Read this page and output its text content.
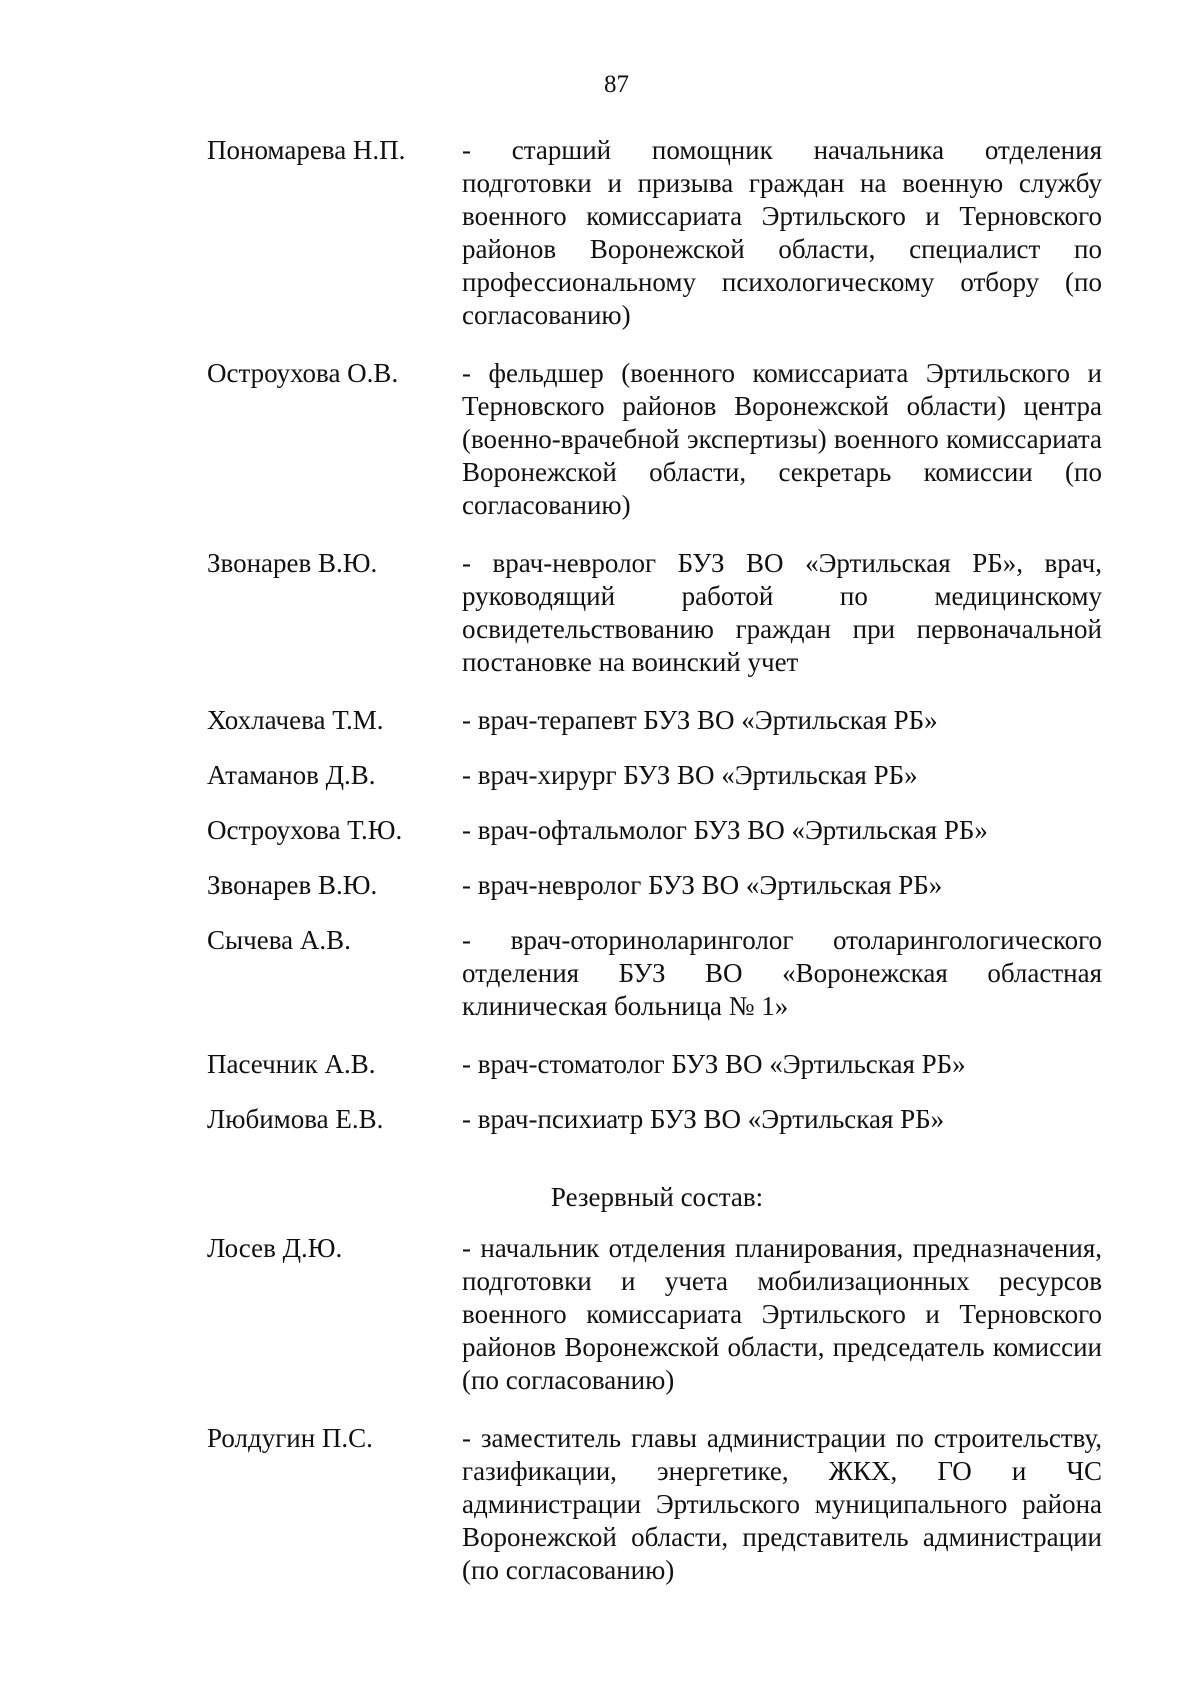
87
Пономарева Н.П.	- старший помощник начальника отделения подготовки и призыва граждан на военную службу военного комиссариата Эртильского и Терновского районов Воронежской области, специалист по профессиональному психологическому отбору (по согласованию)
Остроухова О.В.	- фельдшер (военного комиссариата Эртильского и Терновского районов Воронежской области) центра (военно-врачебной экспертизы) военного комиссариата Воронежской области, секретарь комиссии (по согласованию)
Звонарев В.Ю.	- врач-невролог БУЗ ВО «Эртильская РБ», врач, руководящий работой по медицинскому освидетельствованию граждан при первоначальной постановке на воинский учет
Хохлачева Т.М.	- врач-терапевт БУЗ ВО «Эртильская РБ»
Атаманов Д.В.	- врач-хирург БУЗ ВО «Эртильская РБ»
Остроухова Т.Ю.	- врач-офтальмолог БУЗ ВО «Эртильская РБ»
Звонарев В.Ю.	- врач-невролог БУЗ ВО «Эртильская РБ»
Сычева А.В.	- врач-оториноларинголог отоларингологического отделения БУЗ ВО «Воронежская областная клиническая больница № 1»
Пасечник А.В.	- врач-стоматолог БУЗ ВО «Эртильская РБ»
Любимова Е.В.	- врач-психиатр БУЗ ВО «Эртильская РБ»
Резервный состав:
Лосев Д.Ю.	- начальник отделения планирования, предназначения, подготовки и учета мобилизационных ресурсов военного комиссариата Эртильского и Терновского районов Воронежской области, председатель комиссии (по согласованию)
Ролдугин П.С.	- заместитель главы администрации по строительству, газификации, энергетике, ЖКХ, ГО и ЧС администрации Эртильского муниципального района Воронежской области, представитель администрации (по согласованию)
